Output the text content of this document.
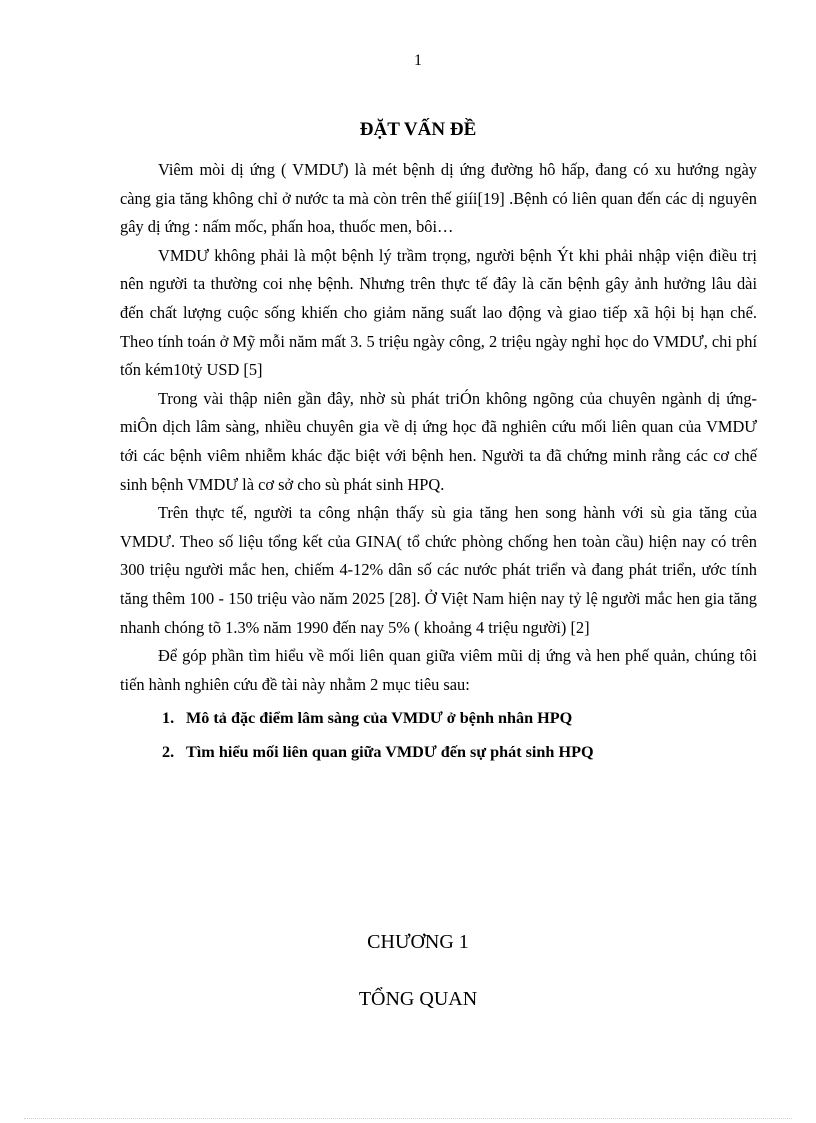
1
ĐẶT VẤN ĐỀ

Viêm mòi dị ứng ( VMDƯ) là mét bệnh dị ứng đường hô hấp, đang có xu hướng ngày càng gia tăng không chỉ ở nước ta mà còn trên thế giíi[19] .Bệnh có liên quan đến các dị nguyên gây dị ứng : nấm mốc, phấn hoa, thuốc men, bôi…

VMDƯ không phải là một bệnh lý trầm trọng, người bệnh Ýt khi phải nhập viện điều trị nên người ta thường coi nhẹ bệnh. Nhưng trên thực tế đây là căn bệnh gây ảnh hưởng lâu dài đến chất lượng cuộc sống khiến cho giảm năng suất lao động và giao tiếp xã hội bị hạn chế. Theo tính toán ở Mỹ mỗi năm mất 3. 5 triệu ngày công, 2 triệu ngày nghỉ học do VMDƯ, chi phí tốn kém10tỷ USD [5]

Trong vài thập niên gần đây, nhờ sù phát triÓn không ngõng của chuyên ngành dị ứng-miÔn dịch lâm sàng, nhiều chuyên gia về dị ứng học đã nghiên cứu mối liên quan của VMDƯ tới các bệnh viêm nhiễm khác đặc biệt với bệnh hen. Người ta đã chứng minh rằng các cơ chế sinh bệnh VMDƯ là cơ sở cho sù phát sinh HPQ.

Trên thực tế, người ta công nhận thấy sù gia tăng hen song hành với sù gia tăng của VMDƯ. Theo số liệu tổng kết của GINA( tổ chức phòng chống hen toàn cầu) hiện nay có trên 300 triệu người mắc hen, chiếm 4-12% dân số các nước phát triển và đang phát triển, ước tính tăng thêm 100 - 150 triệu vào năm 2025 [28]. Ở Việt Nam hiện nay tỷ lệ người mắc hen gia tăng nhanh chóng tõ 1.3% năm 1990 đến nay 5% ( khoảng 4 triệu người) [2]

Để góp phần tìm hiểu về mối liên quan giữa viêm mũi dị ứng và hen phế quản, chúng tôi tiến hành nghiên cứu đề tài này nhằm 2 mục tiêu sau:

1. Mô tả đặc điểm lâm sàng của VMDƯ ở bệnh nhân HPQ

2. Tìm hiểu mối liên quan giữa VMDƯ đến sự phát sinh HPQ

CHƯƠNG 1
TỔNG QUAN
